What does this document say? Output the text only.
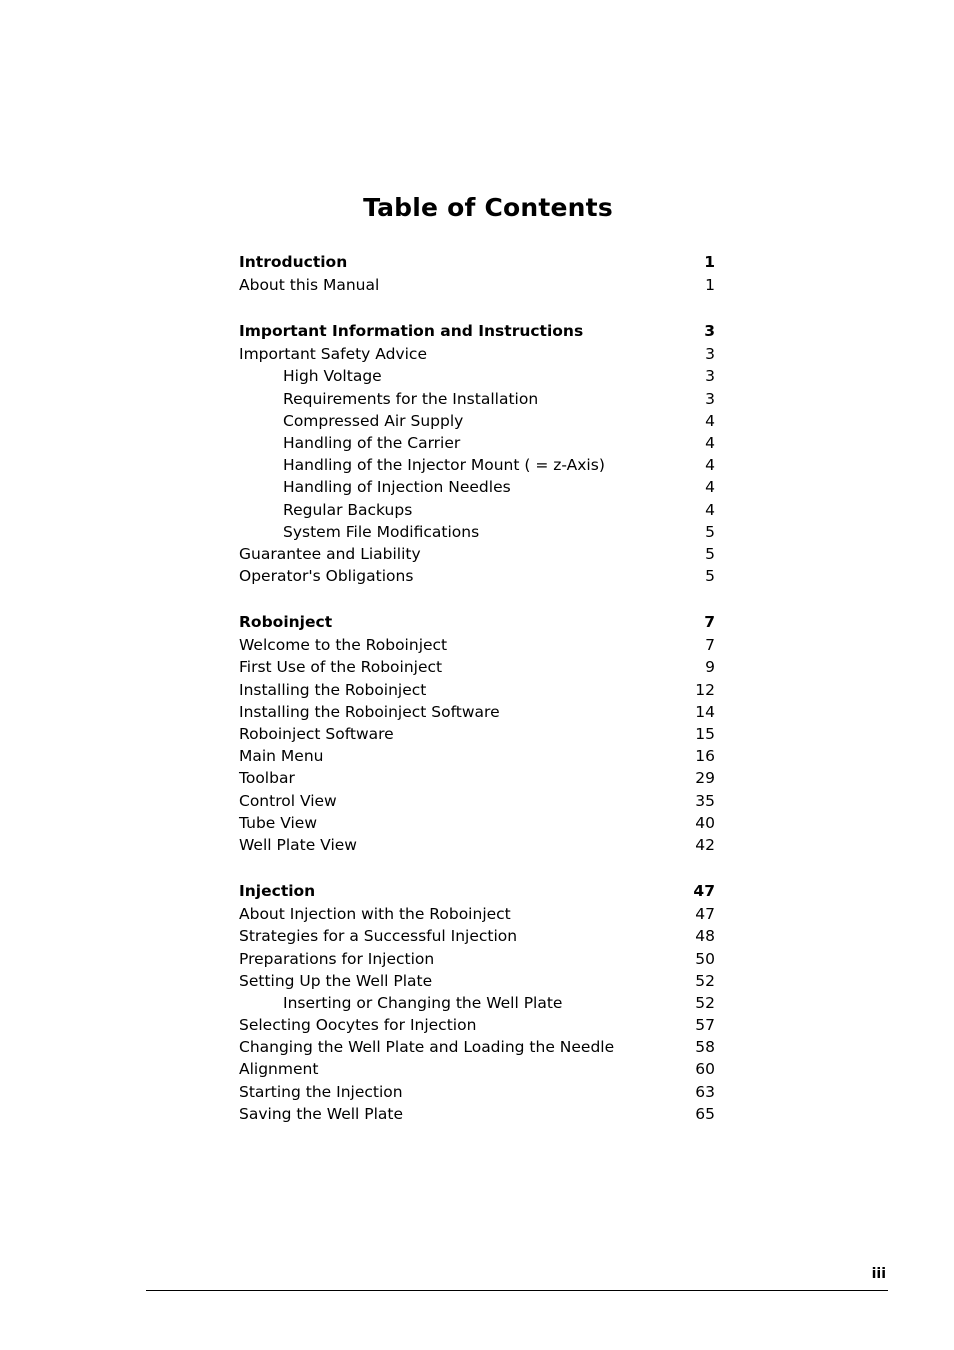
Table of Contents
Introduction	1
About this Manual	1
Important Information and Instructions	3
Important Safety Advice	3
High Voltage	3
Requirements for the Installation	3
Compressed Air Supply	4
Handling of the Carrier	4
Handling of the Injector Mount ( = z-Axis)	4
Handling of Injection Needles	4
Regular Backups	4
System File Modifications	5
Guarantee and Liability	5
Operator's Obligations	5
Roboinject	7
Welcome to the Roboinject	7
First Use of the Roboinject	9
Installing the Roboinject	12
Installing the Roboinject Software	14
Roboinject Software	15
Main Menu	16
Toolbar	29
Control View	35
Tube View	40
Well Plate View	42
Injection	47
About Injection with the Roboinject	47
Strategies for a Successful Injection	48
Preparations for Injection	50
Setting Up the Well Plate	52
Inserting or Changing the Well Plate	52
Selecting Oocytes for Injection	57
Changing the Well Plate and Loading the Needle	58
Alignment	60
Starting the Injection	63
Saving the Well Plate	65
iii
